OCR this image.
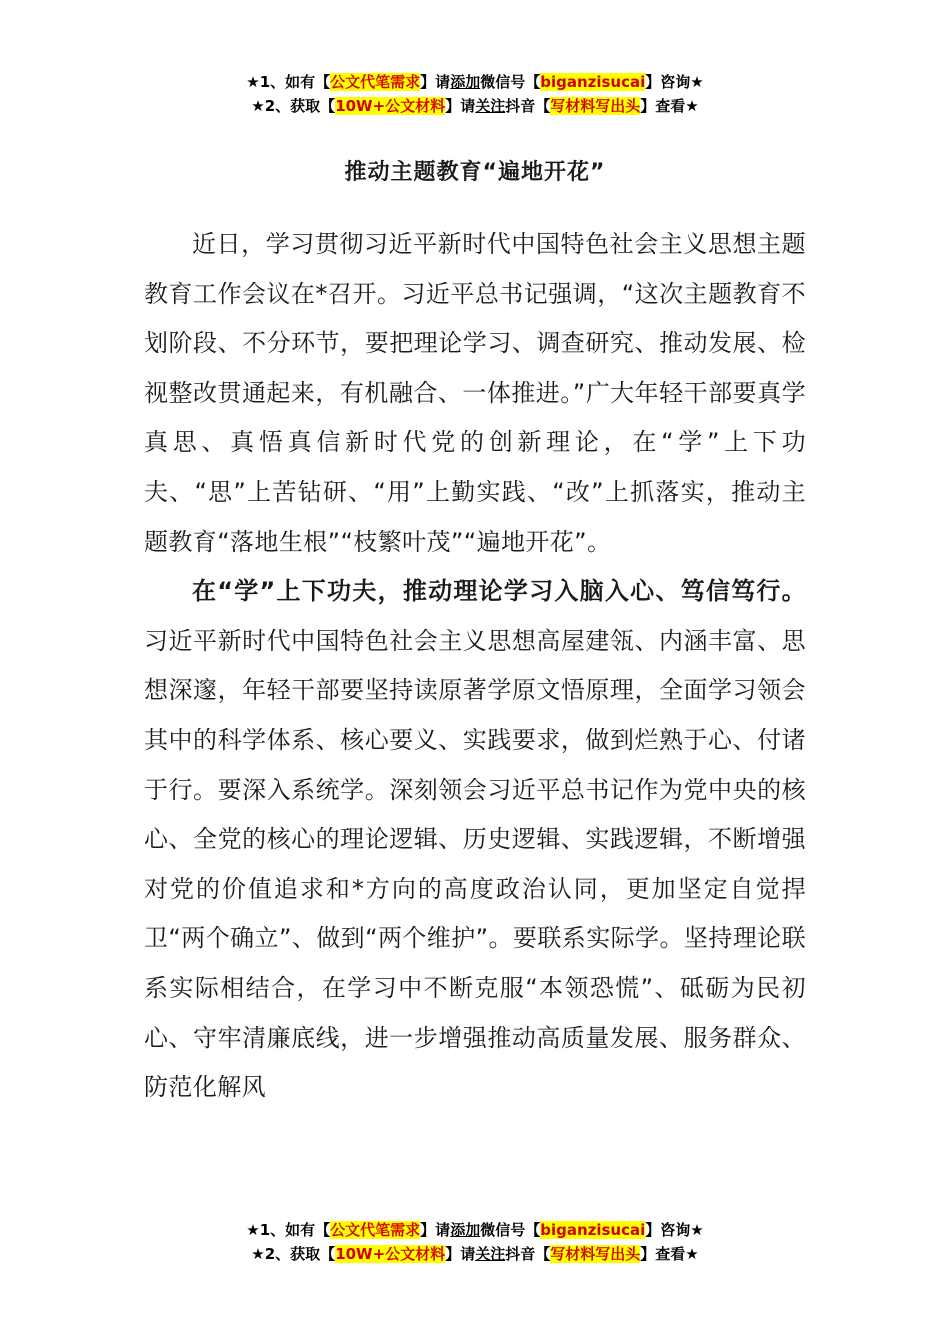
★1、如有【公文代笔需求】请添加微信号【biganzisucai】咨询★
★2、获取【10W+公文材料】请关注抖音【写材料写出头】查看★
推动主题教育“遍地开花”

近日，学习贯彻习近平新时代中国特色社会主义思想主题教育工作会议在*召开。习近平总书记强调，“这次主题教育不划阶段、不分环节，要把理论学习、调查研究、推动发展、检视整改贯通起来，有机融合、一体推进。”广大年轻干部要真学真思、真悟真信新时代党的创新理论，在“学”上下功夫、“思”上苦钻研、“用”上勤实践、“改”上抓落实，推动主题教育“落地生根”“枝繁叶茂”“遍地开花”。

在“学”上下功夫，推动理论学习入脑入心、笃信笃行。习近平新时代中国特色社会主义思想高屋建瓴、内涵丰富、思想深邃，年轻干部要坚持读原著学原文悟原理，全面学习领会其中的科学体系、核心要义、实践要求，做到烂熟于心、付诸于行。要深入系统学。深刻领会习近平总书记作为党中央的核心、全党的核心的理论逻辑、历史逻辑、实践逻辑，不断增强对党的价值追求和*方向的高度政治认同，更加坚定自觉捍卫“两个确立”、做到“两个维护”。要联系实际学。坚持理论联系实际相结合，在学习中不断克服“本领恐慌”、砥砺为民初心、守牢清廉底线，进一步增强推动高质量发展、服务群众、防范化解风

★1、如有【公文代笔需求】请添加微信号【biganzisucai】咨询★
★2、获取【10W+公文材料】请关注抖音【写材料写出头】查看★
